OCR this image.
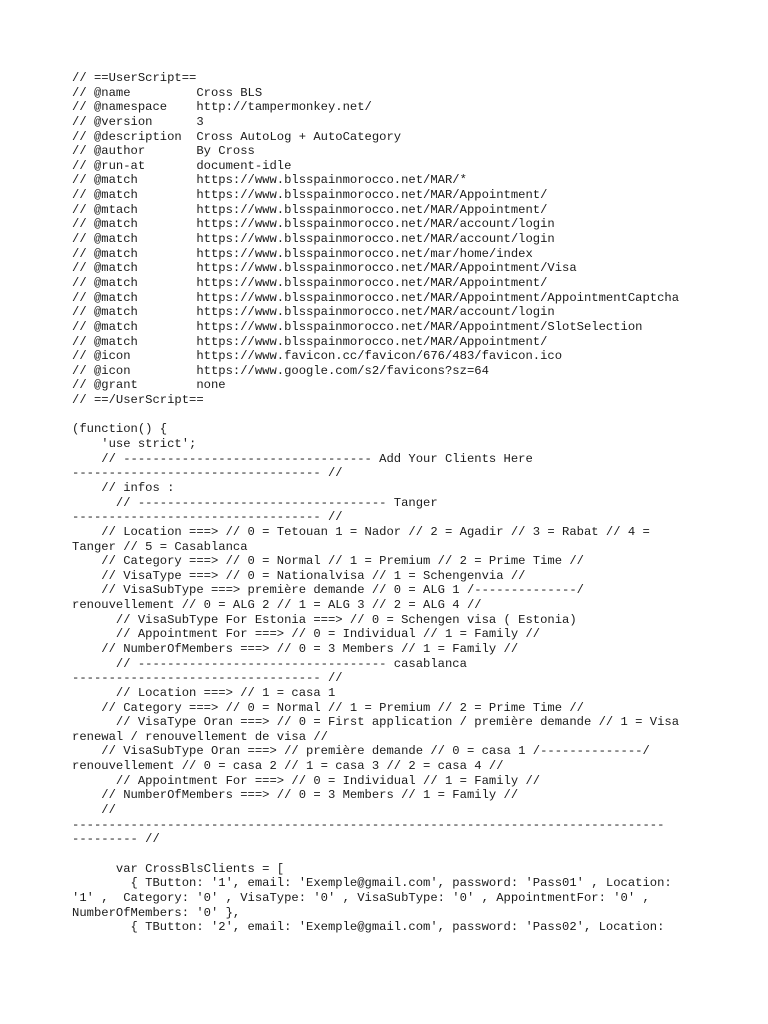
// ==UserScript==
// @name         Cross BLS
// @namespace    http://tampermonkey.net/
// @version      3
// @description  Cross AutoLog + AutoCategory
// @author       By Cross
// @run-at       document-idle
// @match        https://www.blsspainmorocco.net/MAR/*
// @match        https://www.blsspainmorocco.net/MAR/Appointment/
// @mtach        https://www.blsspainmorocco.net/MAR/Appointment/
// @match        https://www.blsspainmorocco.net/MAR/account/login
// @match        https://www.blsspainmorocco.net/MAR/account/login
// @match        https://www.blsspainmorocco.net/mar/home/index
// @match        https://www.blsspainmorocco.net/MAR/Appointment/Visa
// @match        https://www.blsspainmorocco.net/MAR/Appointment/
// @match        https://www.blsspainmorocco.net/MAR/Appointment/AppointmentCaptcha
// @match        https://www.blsspainmorocco.net/MAR/account/login
// @match        https://www.blsspainmorocco.net/MAR/Appointment/SlotSelection
// @match        https://www.blsspainmorocco.net/MAR/Appointment/
// @icon         https://www.favicon.cc/favicon/676/483/favicon.ico
// @icon         https://www.google.com/s2/favicons?sz=64
// @grant        none
// ==/UserScript==
(function() {
'use strict';
// ---------------------------------- Add Your Clients Here
---------------------------------- //
// infos :
// ---------------------------------- Tanger
---------------------------------- //
// Location ===> // 0 = Tetouan 1 = Nador // 2 = Agadir // 3 = Rabat // 4 =
Tanger // 5 = Casablanca
// Category ===> // 0 = Normal // 1 = Premium // 2 = Prime Time //
// VisaType ===> // 0 = Nationalvisa // 1 = Schengenvia //
// VisaSubType ===> première demande // 0 = ALG 1 /--------------/
renouvellement // 0 = ALG 2 // 1 = ALG 3 // 2 = ALG 4 //
// VisaSubType For Estonia ===> // 0 = Schengen visa ( Estonia)
// Appointment For ===> // 0 = Individual // 1 = Family //
// NumberOfMembers ===> // 0 = 3 Members // 1 = Family //
// ---------------------------------- casablanca
---------------------------------- //
// Location ===> // 1 = casa 1
// Category ===> // 0 = Normal // 1 = Premium // 2 = Prime Time //
// VisaType Oran ===> // 0 = First application / première demande // 1 = Visa
renewal / renouvellement de visa //
// VisaSubType Oran ===> // première demande // 0 = casa 1 /--------------/
renouvellement // 0 = casa 2 // 1 = casa 3 // 2 = casa 4 //
// Appointment For ===> // 0 = Individual // 1 = Family //
// NumberOfMembers ===> // 0 = 3 Members // 1 = Family //
//
---------------------------------------------------------------------------------
--------- //
var CrossBlsClients = [
{ TButton: '1', email: 'Exemple@gmail.com', password: 'Pass01' , Location:
'1' ,  Category: '0' , VisaType: '0' , VisaSubType: '0' , AppointmentFor: '0' ,
NumberOfMembers: '0' },
{ TButton: '2', email: 'Exemple@gmail.com', password: 'Pass02', Location:
